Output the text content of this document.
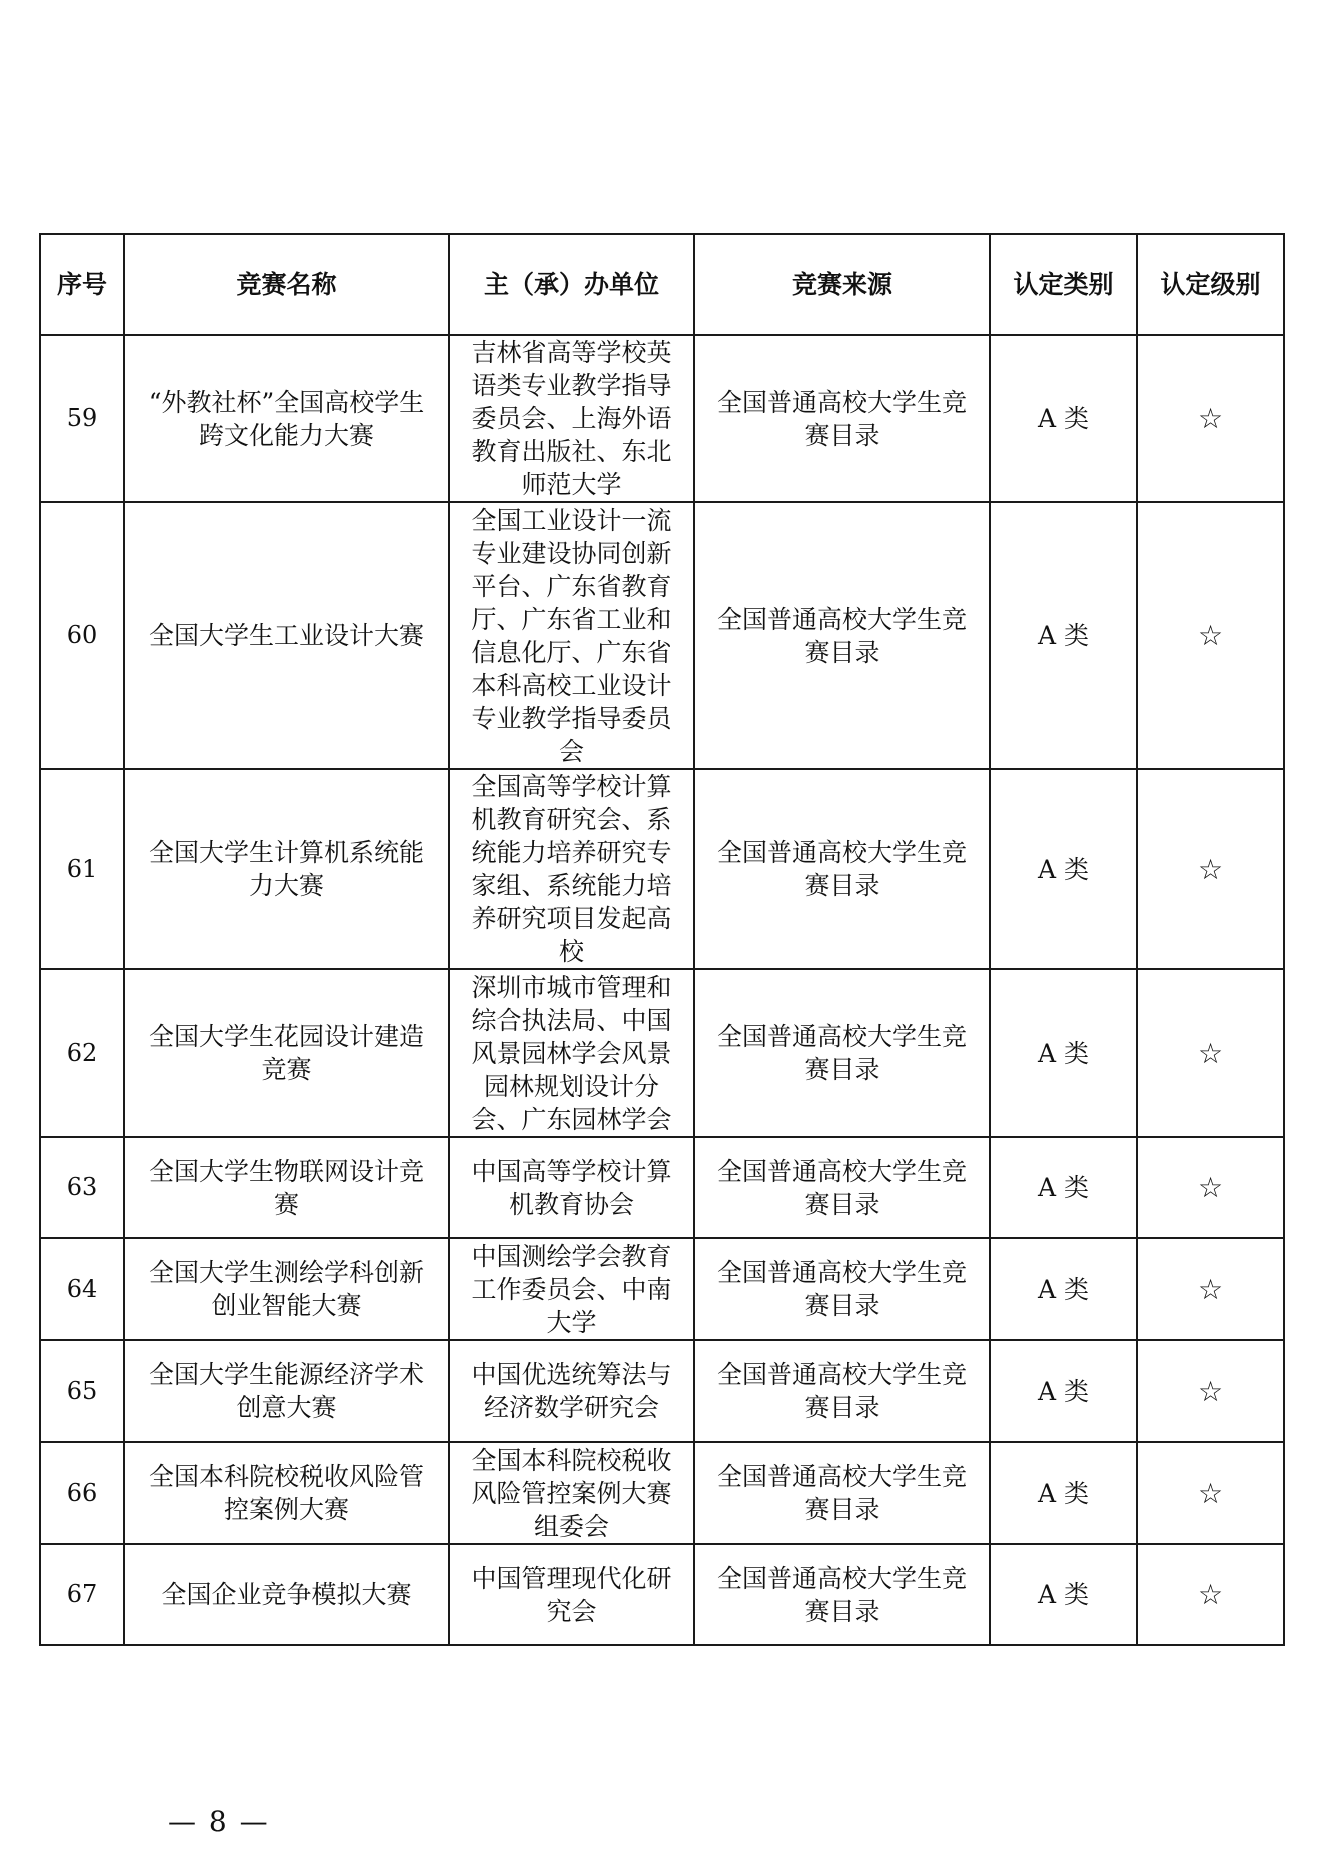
序号	竞赛名称	主（承）办单位	竞赛来源	认定类别	认定级别
59	“外教社杯”全国高校学生跨文化能力大赛	吉林省高等学校英语类专业教学指导委员会、上海外语教育出版社、东北师范大学	全国普通高校大学生竞赛目录	A 类	☆
60	全国大学生工业设计大赛	全国工业设计一流专业建设协同创新平台、广东省教育厅、广东省工业和信息化厅、广东省本科高校工业设计专业教学指导委员会	全国普通高校大学生竞赛目录	A 类	☆
61	全国大学生计算机系统能力大赛	全国高等学校计算机教育研究会、系统能力培养研究专家组、系统能力培养研究项目发起高校	全国普通高校大学生竞赛目录	A 类	☆
62	全国大学生花园设计建造竞赛	深圳市城市管理和综合执法局、中国风景园林学会风景园林规划设计分会、广东园林学会	全国普通高校大学生竞赛目录	A 类	☆
63	全国大学生物联网设计竞赛	中国高等学校计算机教育协会	全国普通高校大学生竞赛目录	A 类	☆
64	全国大学生测绘学科创新创业智能大赛	中国测绘学会教育工作委员会、中南大学	全国普通高校大学生竞赛目录	A 类	☆
65	全国大学生能源经济学术创意大赛	中国优选统筹法与经济数学研究会	全国普通高校大学生竞赛目录	A 类	☆
66	全国本科院校税收风险管控案例大赛	全国本科院校税收风险管控案例大赛组委会	全国普通高校大学生竞赛目录	A 类	☆
67	全国企业竞争模拟大赛	中国管理现代化研究会	全国普通高校大学生竞赛目录	A 类	☆
— 8 —
